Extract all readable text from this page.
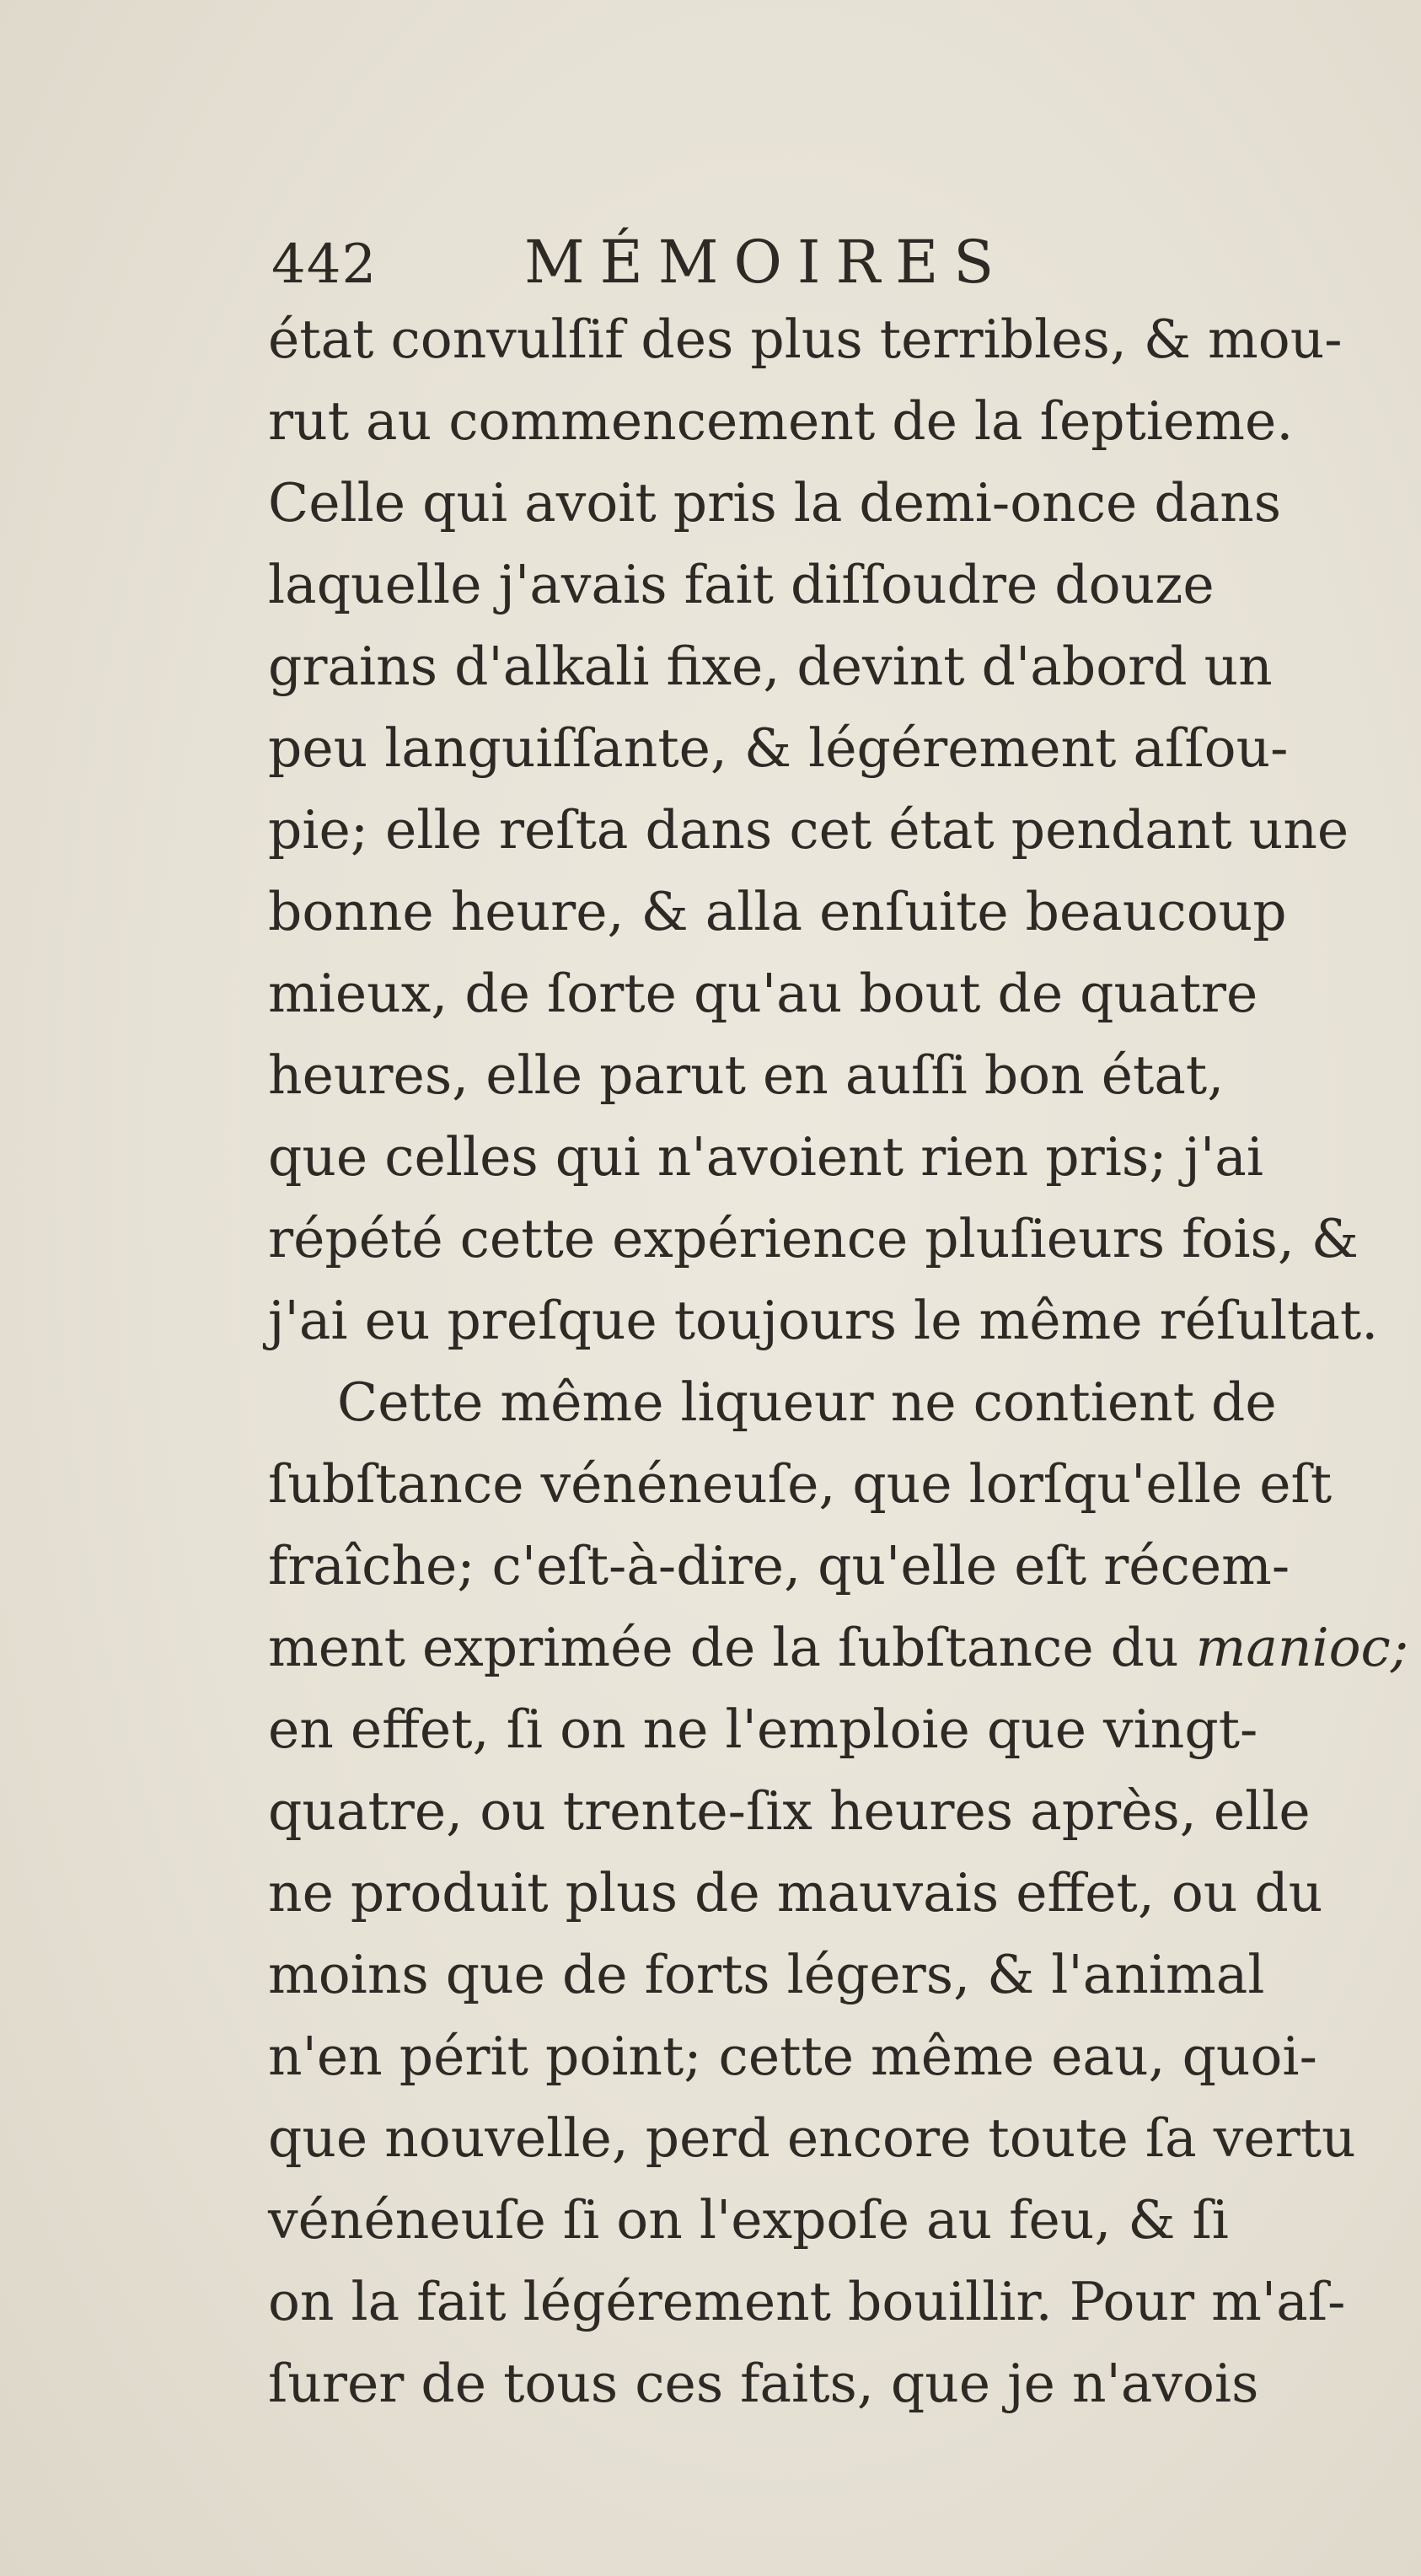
442	MÉMOIRES
état convulſif des plus terribles, & mou-
rut au commencement de la ſeptieme.
Celle qui avoit pris la demi-once dans
laquelle j'avais fait diſſoudre douze
grains d'alkali fixe, devint d'abord un
peu languiſſante, & légérement aſſou-
pie; elle reſta dans cet état pendant une
bonne heure, & alla enſuite beaucoup
mieux, de ſorte qu'au bout de quatre
heures, elle parut en auſſi bon état,
que celles qui n'avoient rien pris; j'ai
répété cette expérience pluſieurs fois, &
j'ai eu preſque toujours le même réſultat.
Cette même liqueur ne contient de
ſubſtance vénéneuſe, que lorſqu'elle eſt
fraîche; c'eſt-à-dire, qu'elle eſt récem-
ment exprimée de la ſubſtance du manioc;
en effet, ſi on ne l'emploie que vingt-
quatre, ou trente-ſix heures après, elle
ne produit plus de mauvais effet, ou du
moins que de forts légers, & l'animal
n'en périt point; cette même eau, quoi-
que nouvelle, perd encore toute ſa vertu
vénéneuſe ſi on l'expoſe au feu, & ſi
on la fait légérement bouillir. Pour m'aſ-
ſurer de tous ces faits, que je n'avois
